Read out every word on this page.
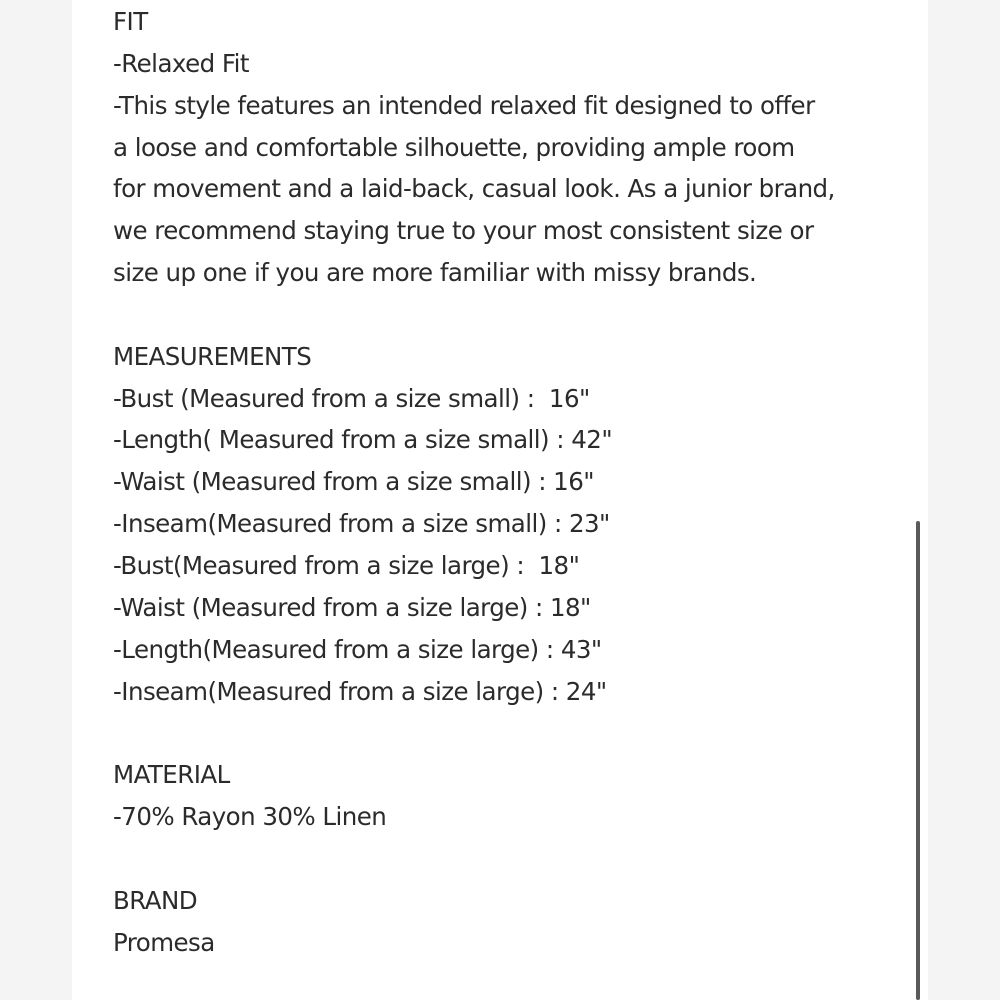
FIT
-Relaxed Fit
-This style features an intended relaxed fit designed to offer
a loose and comfortable silhouette, providing ample room
for movement and a laid-back, casual look. As a junior brand,
we recommend staying true to your most consistent size or
size up one if you are more familiar with missy brands.
MEASUREMENTS
-Bust (Measured from a size small) :  16"
-Length( Measured from a size small) : 42"
-Waist (Measured from a size small) : 16"
-Inseam(Measured from a size small) : 23"
-Bust(Measured from a size large) :  18"
-Waist (Measured from a size large) : 18"
-Length(Measured from a size large) : 43"
-Inseam(Measured from a size large) : 24"
MATERIAL
-70% Rayon 30% Linen
BRAND
Promesa
